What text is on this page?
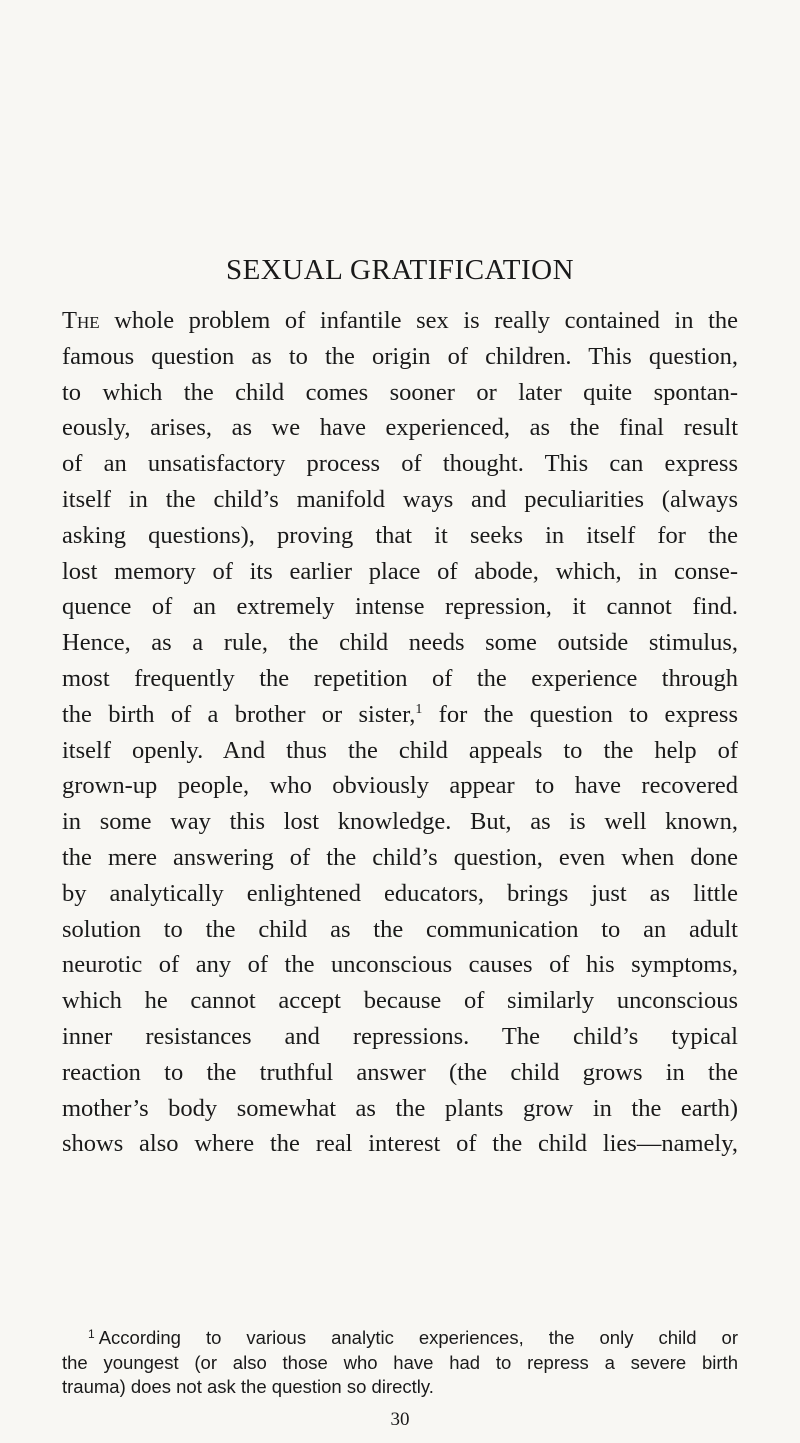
SEXUAL GRATIFICATION
The whole problem of infantile sex is really contained in the
famous question as to the origin of children. This question,
to which the child comes sooner or later quite spontan-
eously, arises, as we have experienced, as the final result
of an unsatisfactory process of thought. This can express
itself in the child’s manifold ways and peculiarities (always
asking questions), proving that it seeks in itself for the
lost memory of its earlier place of abode, which, in conse-
quence of an extremely intense repression, it cannot find.
Hence, as a rule, the child needs some outside stimulus,
most frequently the repetition of the experience through
the birth of a brother or sister,$^1$ for the question to express
itself openly. And thus the child appeals to the help of
grown-up people, who obviously appear to have recovered
in some way this lost knowledge. But, as is well known,
the mere answering of the child’s question, even when done
by analytically enlightened educators, brings just as little
solution to the child as the communication to an adult
neurotic of any of the unconscious causes of his symptoms,
which he cannot accept because of similarly unconscious
inner resistances and repressions. The child’s typical
reaction to the truthful answer (the child grows in the
mother’s body somewhat as the plants grow in the earth)
shows also where the real interest of the child lies—namely,
$^1$ According to various analytic experiences, the only child or
the youngest (or also those who have had to repress a severe birth
trauma) does not ask the question so directly.
30
